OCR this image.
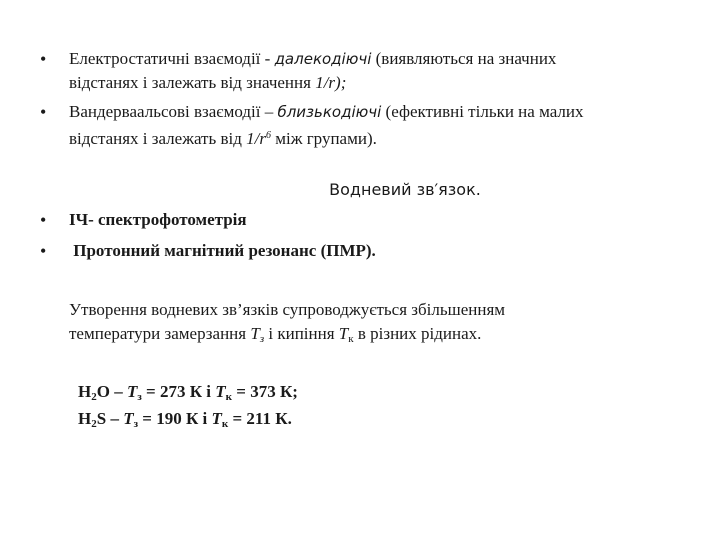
• Електростатичні взаємодії - далекодіючі (виявляються на значних
відстанях і залежать від значення 1/r);
• Вандерваальсові взаємодії – близькодіючі (ефективні тільки на малих
відстанях і залежать від $1/r^6$ між групами).
Водневий зв′язок.
• ІЧ- спектрофотометрія
• Протонний магнітний резонанс (ПМР).
Утворення водневих зв’язків супроводжується збільшенням
температури замерзання $T_з$ і кипіння $T_к$ в різних рідинах.
$H_2O - T_з = 273$ К і $T_к = 373$ К;
$H_2S - T_з = 190$ К і $T_к = 211$ К.
